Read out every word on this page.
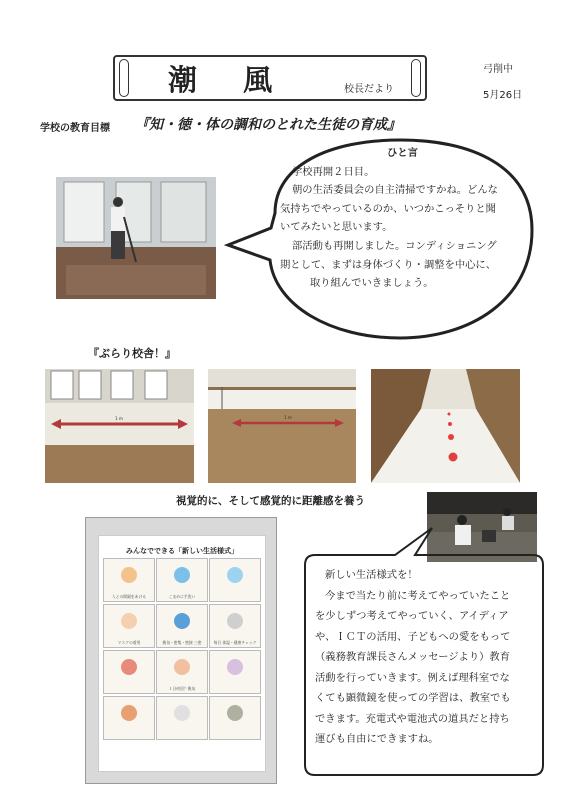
潮 風	校長だより
弓削中
5月26日
学校の教育目標 『知・徳・体の調和のとれた生徒の育成』
ひと言
学校再開２日目。
朝の生活委員会の自主清掃ですかね。どんな
気持ちでやっているのか、いつかこっそりと聞
いてみたいと思います。
部活動も再開しました。コンディショニング
期として、まずは身体づくり・調整を中心に、
取り組んでいきましょう。
『ぶらり校舎！』
1 m	1 m
視覚的に、そして感覚的に距離感を養う
みんなでできる「新しい生活様式」
人との間隔をあける	こまめに手洗い
マスクの着用	換気・密集・密接 三密	毎日 体温・健康チェック
１日何回？換気
新しい生活様式を！
今まで当たり前に考えてやっていたこと
を少しずつ考えてやっていく、アイディア
や、ＩＣＴの活用、子どもへの愛をもって
（義務教育課長さんメッセージより）教育
活動を行っていきます。例えば理科室でな
くても顕微鏡を使っての学習は、教室でも
できます。充電式や電池式の道具だと持ち
運びも自由にできますね。
